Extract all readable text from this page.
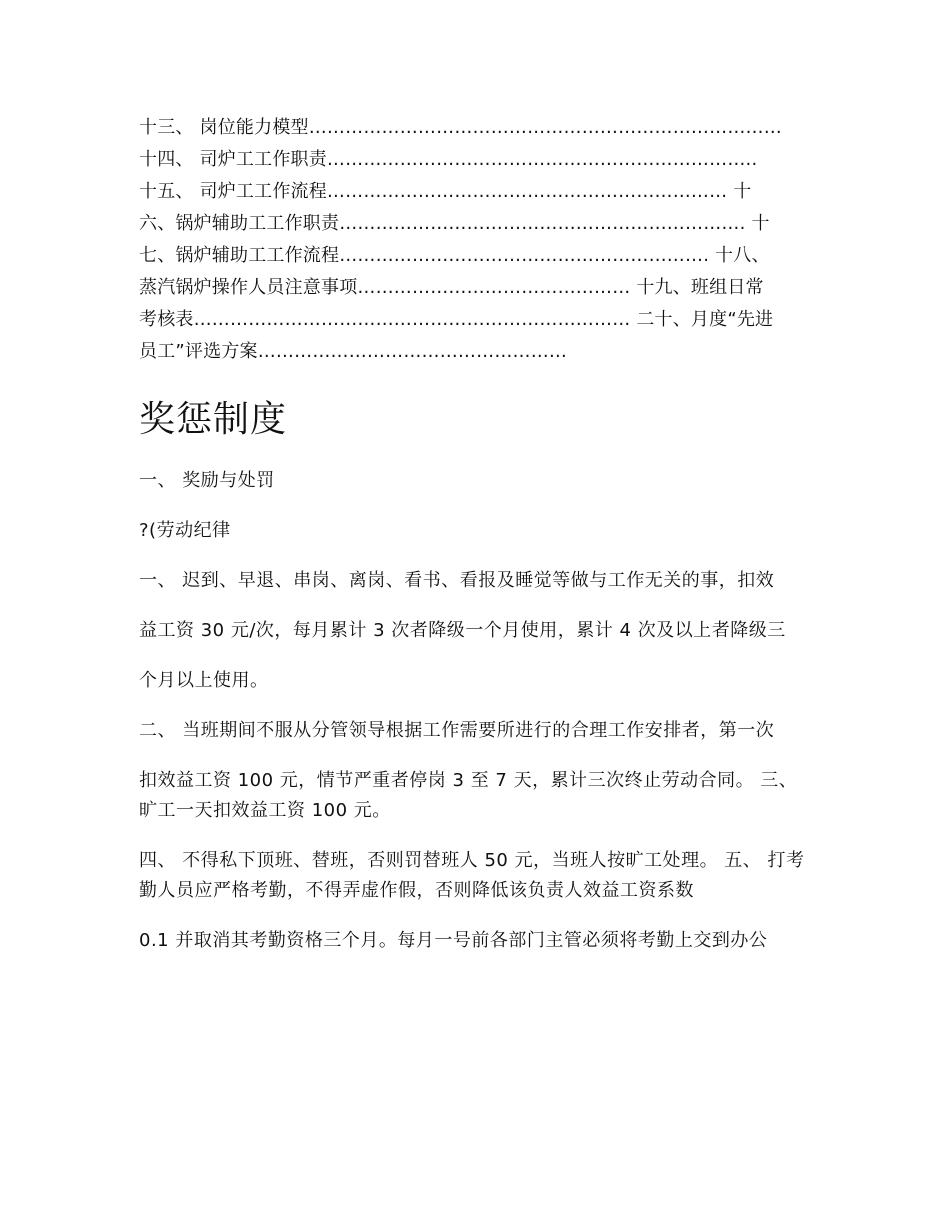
十三、 岗位能力模型……………………………………………………………………
十四、 司炉工工作职责……………………………………………………………..
十五、 司炉工工作流程………………………………………………………… 十
六、锅炉辅助工工作职责…………………………………………………………. 十
七、锅炉辅助工工作流程……………………………………………………. 十八、
蒸汽锅炉操作人员注意事项……………………………………… 十九、班组日常
考核表……………………………………………………………… 二十、月度“先进
员工”评选方案……………………………………………
奖惩制度

一、 奖励与处罚

?(劳动纪律

一、 迟到、早退、串岗、离岗、看书、看报及睡觉等做与工作无关的事，扣效

益工资 30 元/次，每月累计 3 次者降级一个月使用，累计 4 次及以上者降级三

个月以上使用。

二、 当班期间不服从分管领导根据工作需要所进行的合理工作安排者，第一次

扣效益工资 100 元，情节严重者停岗 3 至 7 天，累计三次终止劳动合同。 三、 旷工一天扣效益工资 100 元。

四、 不得私下顶班、替班，否则罚替班人 50 元，当班人按旷工处理。 五、 打考勤人员应严格考勤，不得弄虚作假，否则降低该负责人效益工资系数

0.1 并取消其考勤资格三个月。每月一号前各部门主管必须将考勤上交到办公
